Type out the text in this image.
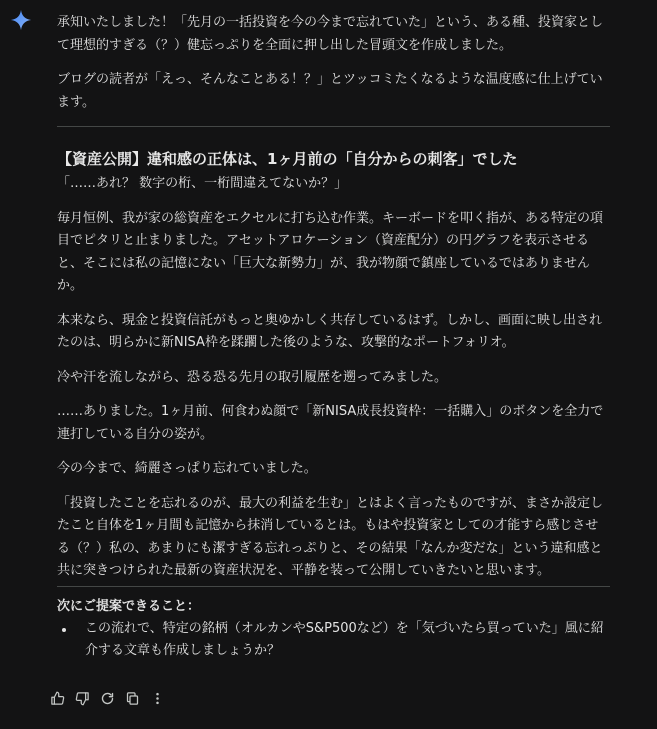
承知いたしました！「先月の一括投資を今の今まで忘れていた」という、ある種、投資家として理想的すぎる（？）健忘っぷりを全面に押し出した冒頭文を作成しました。

ブログの読者が「えっ、そんなことある！？」とツッコミたくなるような温度感に仕上げています。

【資産公開】違和感の正体は、1ヶ月前の「自分からの刺客」でした

「……あれ？ 数字の桁、一桁間違えてないか？」

毎月恒例、我が家の総資産をエクセルに打ち込む作業。キーボードを叩く指が、ある特定の項目でピタリと止まりました。アセットアロケーション（資産配分）の円グラフを表示させると、そこには私の記憶にない「巨大な新勢力」が、我が物顔で鎮座しているではありませんか。

本来なら、現金と投資信託がもっと奥ゆかしく共存しているはず。しかし、画面に映し出されたのは、明らかに新NISA枠を蹂躙した後のような、攻撃的なポートフォリオ。

冷や汗を流しながら、恐る恐る先月の取引履歴を遡ってみました。

……ありました。1ヶ月前、何食わぬ顔で「新NISA成長投資枠：一括購入」のボタンを全力で連打している自分の姿が。

今の今まで、綺麗さっぱり忘れていました。

「投資したことを忘れるのが、最大の利益を生む」とはよく言ったものですが、まさか設定したこと自体を1ヶ月間も記憶から抹消しているとは。もはや投資家としての才能すら感じさせる（？）私の、あまりにも潔すぎる忘れっぷりと、その結果「なんか変だな」という違和感と共に突きつけられた最新の資産状況を、平静を装って公開していきたいと思います。

次にご提案できること：
この流れで、特定の銘柄（オルカンやS&P500など）を「気づいたら買っていた」風に紹介する文章も作成しましょうか？
